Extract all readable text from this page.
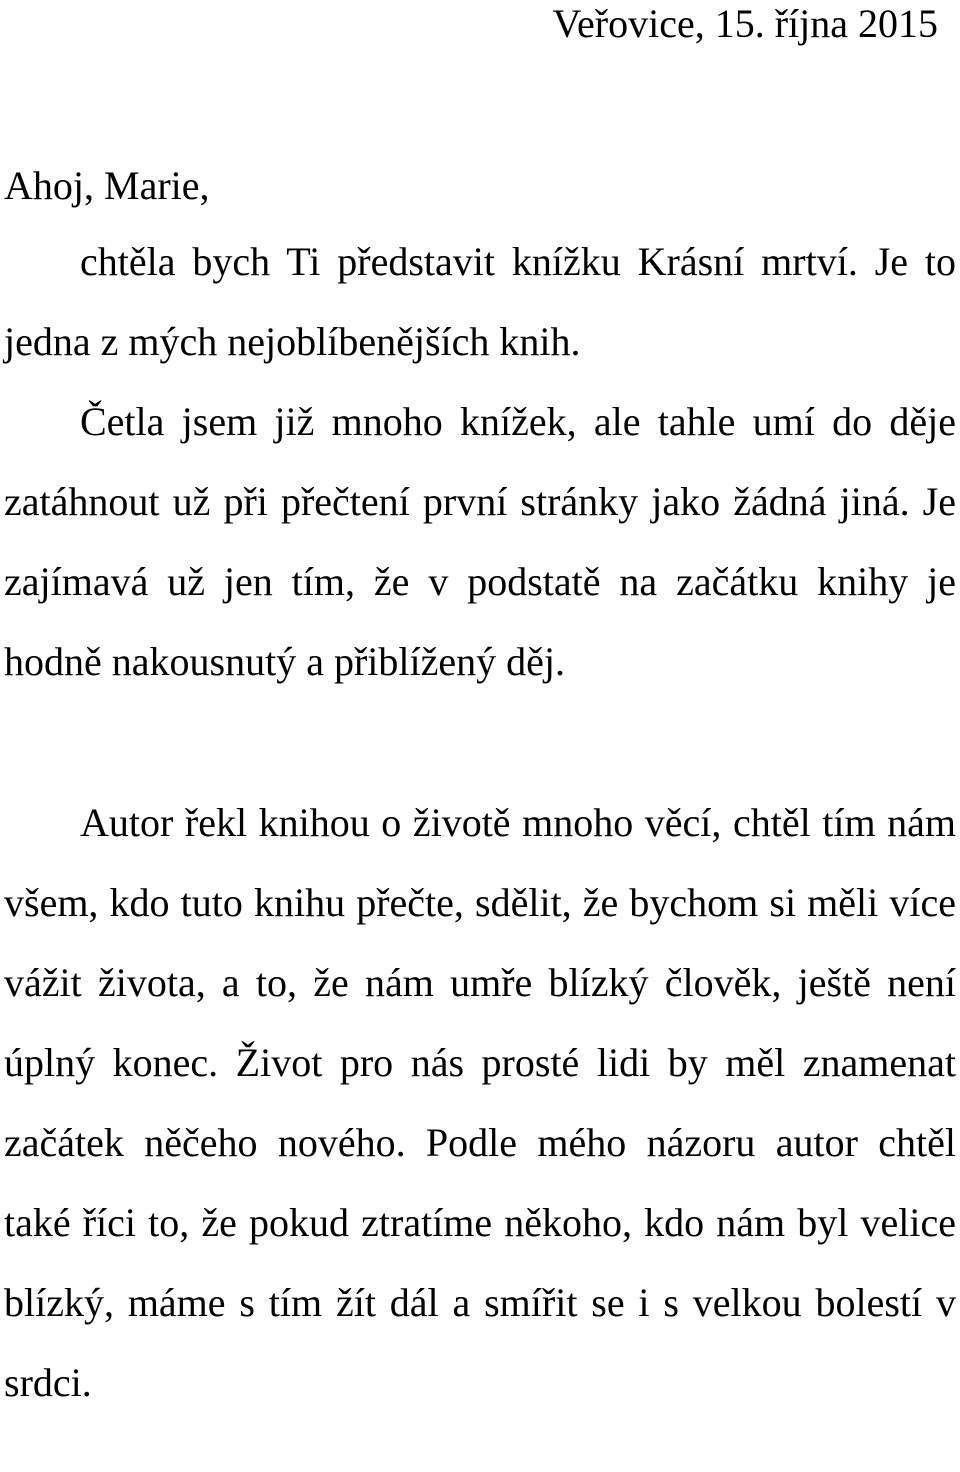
Veřovice, 15. října 2015
Ahoj, Marie,
chtěla bych Ti představit knížku Krásní mrtví. Je to jedna z mých nejoblíbenějších knih.
Četla jsem již mnoho knížek, ale tahle umí do děje zatáhnout už při přečtení první stránky jako žádná jiná. Je zajímavá už jen tím, že v podstatě na začátku knihy je hodně nakousnutý a přiblížený děj.
Autor řekl knihou o životě mnoho věcí, chtěl tím nám všem, kdo tuto knihu přečte, sdělit, že bychom si měli více vážit života, a to, že nám umře blízký člověk, ještě není úplný konec. Život pro nás prosté lidi by měl znamenat začátek něčeho nového. Podle mého názoru autor chtěl také říci to, že pokud ztratíme někoho, kdo nám byl velice blízký, máme s tím žít dál a smířit se i s velkou bolestí v srdci.
